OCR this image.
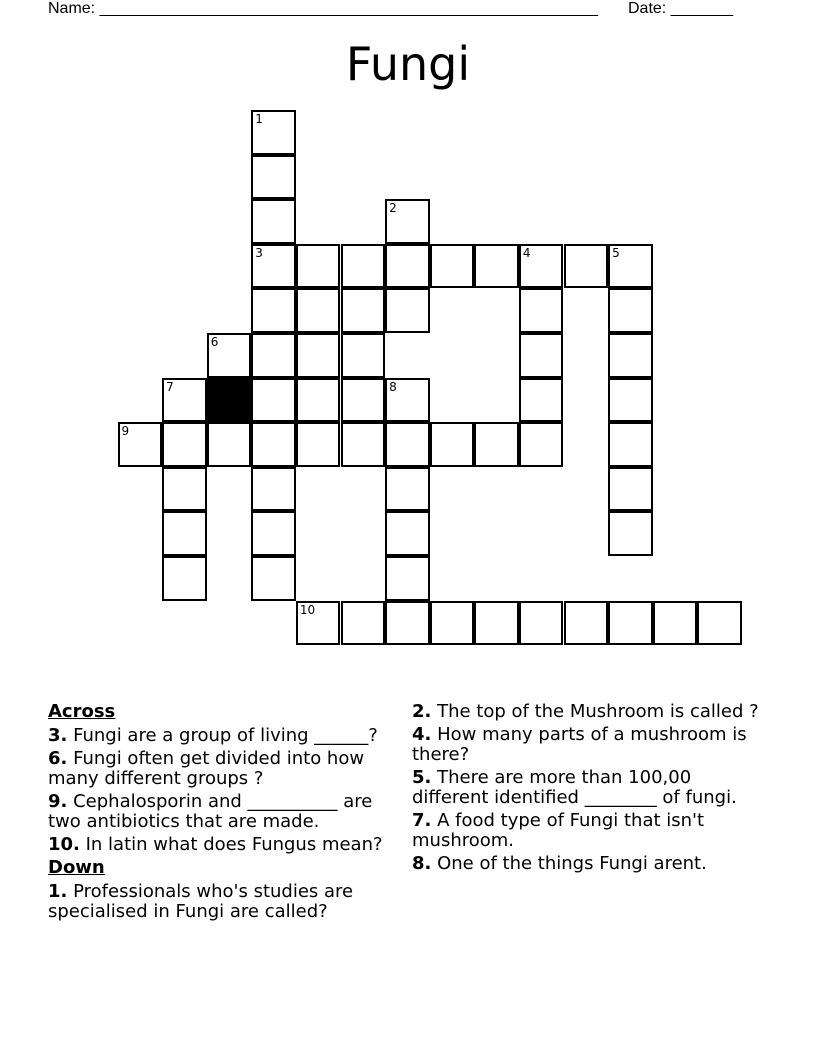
Name: ________________________________________________________ Date: _______
Fungi
1
2
3	4	5
6
7	8
9
10
Across
3. Fungi are a group of living ______?
6. Fungi often get divided into how many different groups ?
9. Cephalosporin and __________ are two antibiotics that are made.
10. In latin what does Fungus mean?
Down
1. Professionals who's studies are specialised in Fungi are called?
2. The top of the Mushroom is called ?
4. How many parts of a mushroom is there?
5. There are more than 100,00 different identified ________ of fungi.
7. A food type of Fungi that isn't mushroom.
8. One of the things Fungi arent.
